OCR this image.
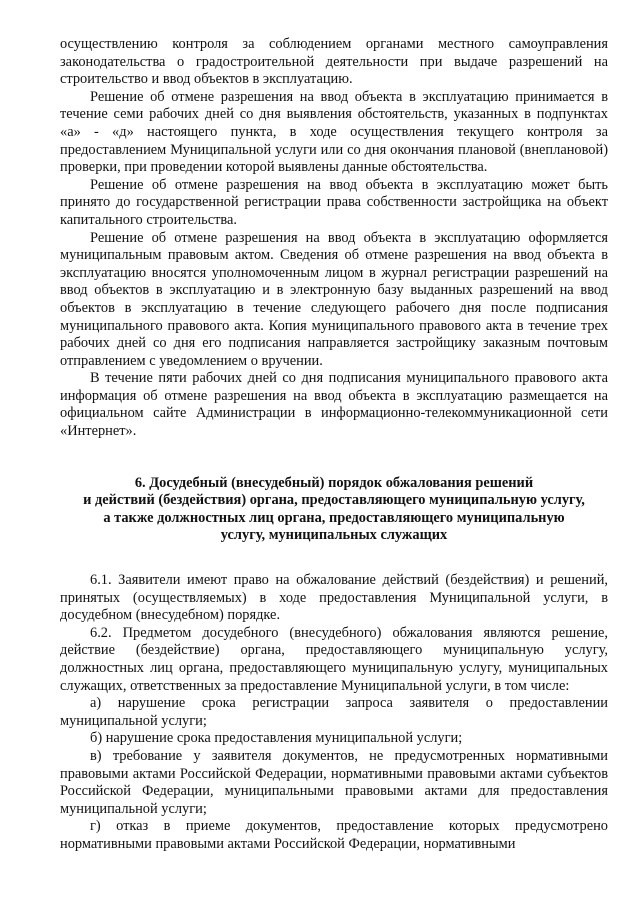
осуществлению контроля за соблюдением органами местного самоуправления законодательства о градостроительной деятельности при выдаче разрешений на строительство и ввод объектов в эксплуатацию.

Решение об отмене разрешения на ввод объекта в эксплуатацию принимается в течение семи рабочих дней со дня выявления обстоятельств, указанных в подпунктах «а» - «д» настоящего пункта, в ходе осуществления текущего контроля за предоставлением Муниципальной услуги или со дня окончания плановой (внеплановой) проверки, при проведении которой выявлены данные обстоятельства.

Решение об отмене разрешения на ввод объекта в эксплуатацию может быть принято до государственной регистрации права собственности застройщика на объект капитального строительства.

Решение об отмене разрешения на ввод объекта в эксплуатацию оформляется муниципальным правовым актом. Сведения об отмене разрешения на ввод объекта в эксплуатацию вносятся уполномоченным лицом в журнал регистрации разрешений на ввод объектов в эксплуатацию и в электронную базу выданных разрешений на ввод объектов в эксплуатацию в течение следующего рабочего дня после подписания муниципального правового акта. Копия муниципального правового акта в течение трех рабочих дней со дня его подписания направляется застройщику заказным почтовым отправлением с уведомлением о вручении.

В течение пяти рабочих дней со дня подписания муниципального правового акта информация об отмене разрешения на ввод объекта в эксплуатацию размещается на официальном сайте Администрации в информационно-телекоммуникационной сети «Интернет».

6. Досудебный (внесудебный) порядок обжалования решений
и действий (бездействия) органа, предоставляющего муниципальную услугу,
а также должностных лиц органа, предоставляющего муниципальную
услугу, муниципальных служащих

6.1. Заявители имеют право на обжалование действий (бездействия) и решений, принятых (осуществляемых) в ходе предоставления Муниципальной услуги, в досудебном (внесудебном) порядке.

6.2. Предметом досудебного (внесудебного) обжалования являются решение, действие (бездействие) органа, предоставляющего муниципальную услугу, должностных лиц органа, предоставляющего муниципальную услугу, муниципальных служащих, ответственных за предоставление Муниципальной услуги, в том числе:

а) нарушение срока регистрации запроса заявителя о предоставлении муниципальной услуги;

б) нарушение срока предоставления муниципальной услуги;

в) требование у заявителя документов, не предусмотренных нормативными правовыми актами Российской Федерации, нормативными правовыми актами субъектов Российской Федерации, муниципальными правовыми актами для предоставления муниципальной услуги;

г) отказ в приеме документов, предоставление которых предусмотрено нормативными правовыми актами Российской Федерации, нормативными
